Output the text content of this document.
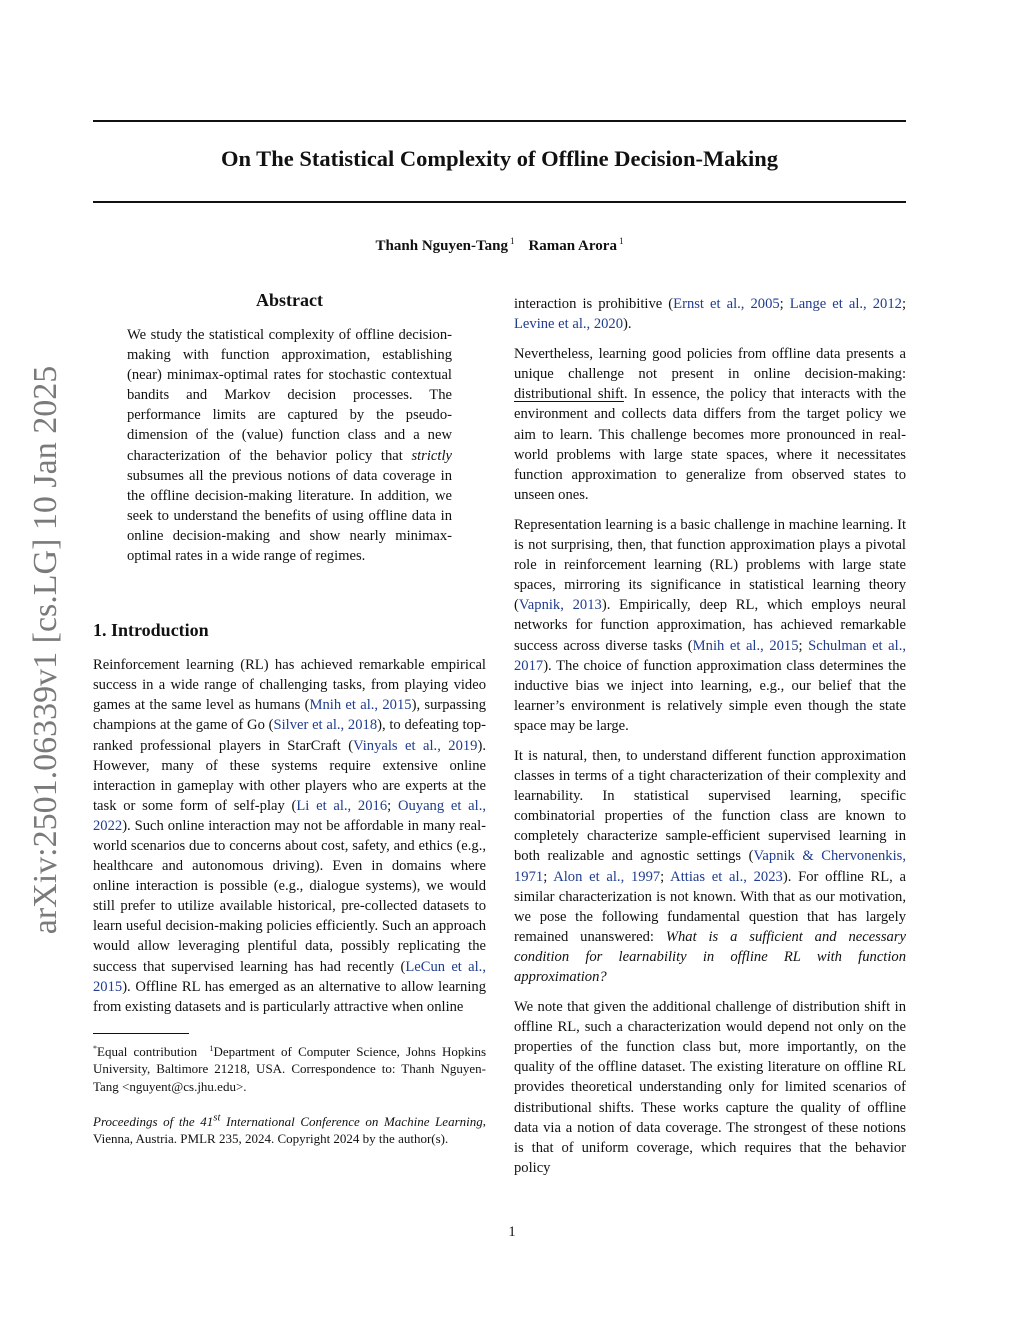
On The Statistical Complexity of Offline Decision-Making
Thanh Nguyen-Tang $^1$ Raman Arora $^1$
arXiv:2501.06339v1 [cs.LG] 10 Jan 2025
Abstract

We study the statistical complexity of offline decision-making with function approximation, establishing (near) minimax-optimal rates for stochastic contextual bandits and Markov decision processes. The performance limits are captured by the pseudo-dimension of the (value) function class and a new characterization of the behavior policy that strictly subsumes all the previous notions of data coverage in the offline decision-making literature. In addition, we seek to understand the benefits of using offline data in online decision-making and show nearly minimax-optimal rates in a wide range of regimes.

1. Introduction

Reinforcement learning (RL) has achieved remarkable empirical success in a wide range of challenging tasks, from playing video games at the same level as humans (Mnih et al., 2015), surpassing champions at the game of Go (Silver et al., 2018), to defeating top-ranked professional players in StarCraft (Vinyals et al., 2019). However, many of these systems require extensive online interaction in gameplay with other players who are experts at the task or some form of self-play (Li et al., 2016; Ouyang et al., 2022). Such online interaction may not be affordable in many real-world scenarios due to concerns about cost, safety, and ethics (e.g., healthcare and autonomous driving). Even in domains where online interaction is possible (e.g., dialogue systems), we would still prefer to utilize available historical, pre-collected datasets to learn useful decision-making policies efficiently. Such an approach would allow leveraging plentiful data, possibly replicating the success that supervised learning has had recently (LeCun et al., 2015). Offline RL has emerged as an alternative to allow learning from existing datasets and is particularly attractive when online

*Equal contribution $^1$Department of Computer Science, Johns Hopkins University, Baltimore 21218, USA. Correspondence to: Thanh Nguyen-Tang <nguyent@cs.jhu.edu>.
Proceedings of the 41st International Conference on Machine Learning, Vienna, Austria. PMLR 235, 2024. Copyright 2024 by the author(s).

interaction is prohibitive (Ernst et al., 2005; Lange et al., 2012; Levine et al., 2020).

Nevertheless, learning good policies from offline data presents a unique challenge not present in online decision-making: distributional shift. In essence, the policy that interacts with the environment and collects data differs from the target policy we aim to learn. This challenge becomes more pronounced in real-world problems with large state spaces, where it necessitates function approximation to generalize from observed states to unseen ones.

Representation learning is a basic challenge in machine learning. It is not surprising, then, that function approximation plays a pivotal role in reinforcement learning (RL) problems with large state spaces, mirroring its significance in statistical learning theory (Vapnik, 2013). Empirically, deep RL, which employs neural networks for function approximation, has achieved remarkable success across diverse tasks (Mnih et al., 2015; Schulman et al., 2017). The choice of function approximation class determines the inductive bias we inject into learning, e.g., our belief that the learner’s environment is relatively simple even though the state space may be large.

It is natural, then, to understand different function approximation classes in terms of a tight characterization of their complexity and learnability. In statistical supervised learning, specific combinatorial properties of the function class are known to completely characterize sample-efficient supervised learning in both realizable and agnostic settings (Vapnik & Chervonenkis, 1971; Alon et al., 1997; Attias et al., 2023). For offline RL, a similar characterization is not known. With that as our motivation, we pose the following fundamental question that has largely remained unanswered: What is a sufficient and necessary condition for learnability in offline RL with function approximation?

We note that given the additional challenge of distribution shift in offline RL, such a characterization would depend not only on the properties of the function class but, more importantly, on the quality of the offline dataset. The existing literature on offline RL provides theoretical understanding only for limited scenarios of distributional shifts. These works capture the quality of offline data via a notion of data coverage. The strongest of these notions is that of uniform coverage, which requires that the behavior policy

1
